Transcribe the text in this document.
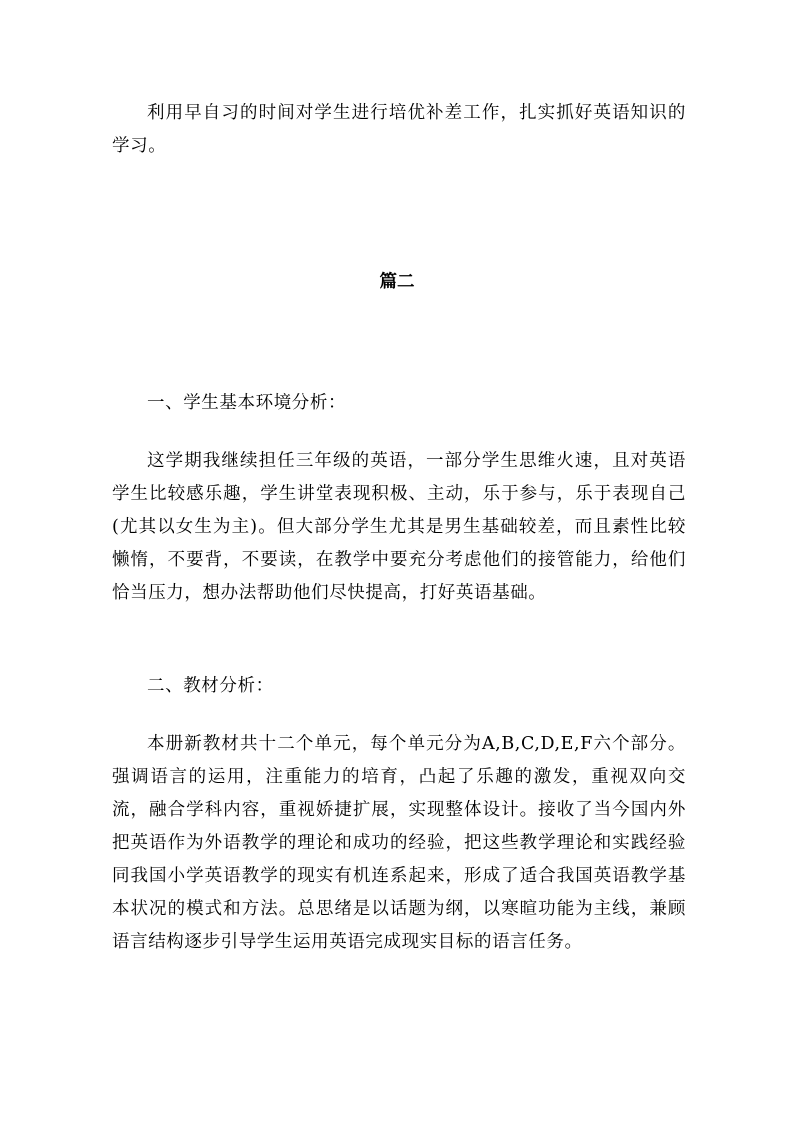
利用早自习的时间对学生进行培优补差工作，扎实抓好英语知识的学习。

篇二

一、学生基本环境分析：

这学期我继续担任三年级的英语，一部分学生思维火速，且对英语学生比较感乐趣，学生讲堂表现积极、主动，乐于参与，乐于表现自己(尤其以女生为主)。但大部分学生尤其是男生基础较差，而且素性比较懒惰，不要背，不要读，在教学中要充分考虑他们的接管能力，给他们恰当压力，想办法帮助他们尽快提高，打好英语基础。

二、教材分析：

本册新教材共十二个单元，每个单元分为A,B,C,D,E,F六个部分。强调语言的运用，注重能力的培育，凸起了乐趣的激发，重视双向交流，融合学科内容，重视娇捷扩展，实现整体设计。接收了当今国内外把英语作为外语教学的理论和成功的经验，把这些教学理论和实践经验同我国小学英语教学的现实有机连系起来，形成了适合我国英语教学基本状况的模式和方法。总思绪是以话题为纲，以寒暄功能为主线，兼顾语言结构逐步引导学生运用英语完成现实目标的语言任务。
